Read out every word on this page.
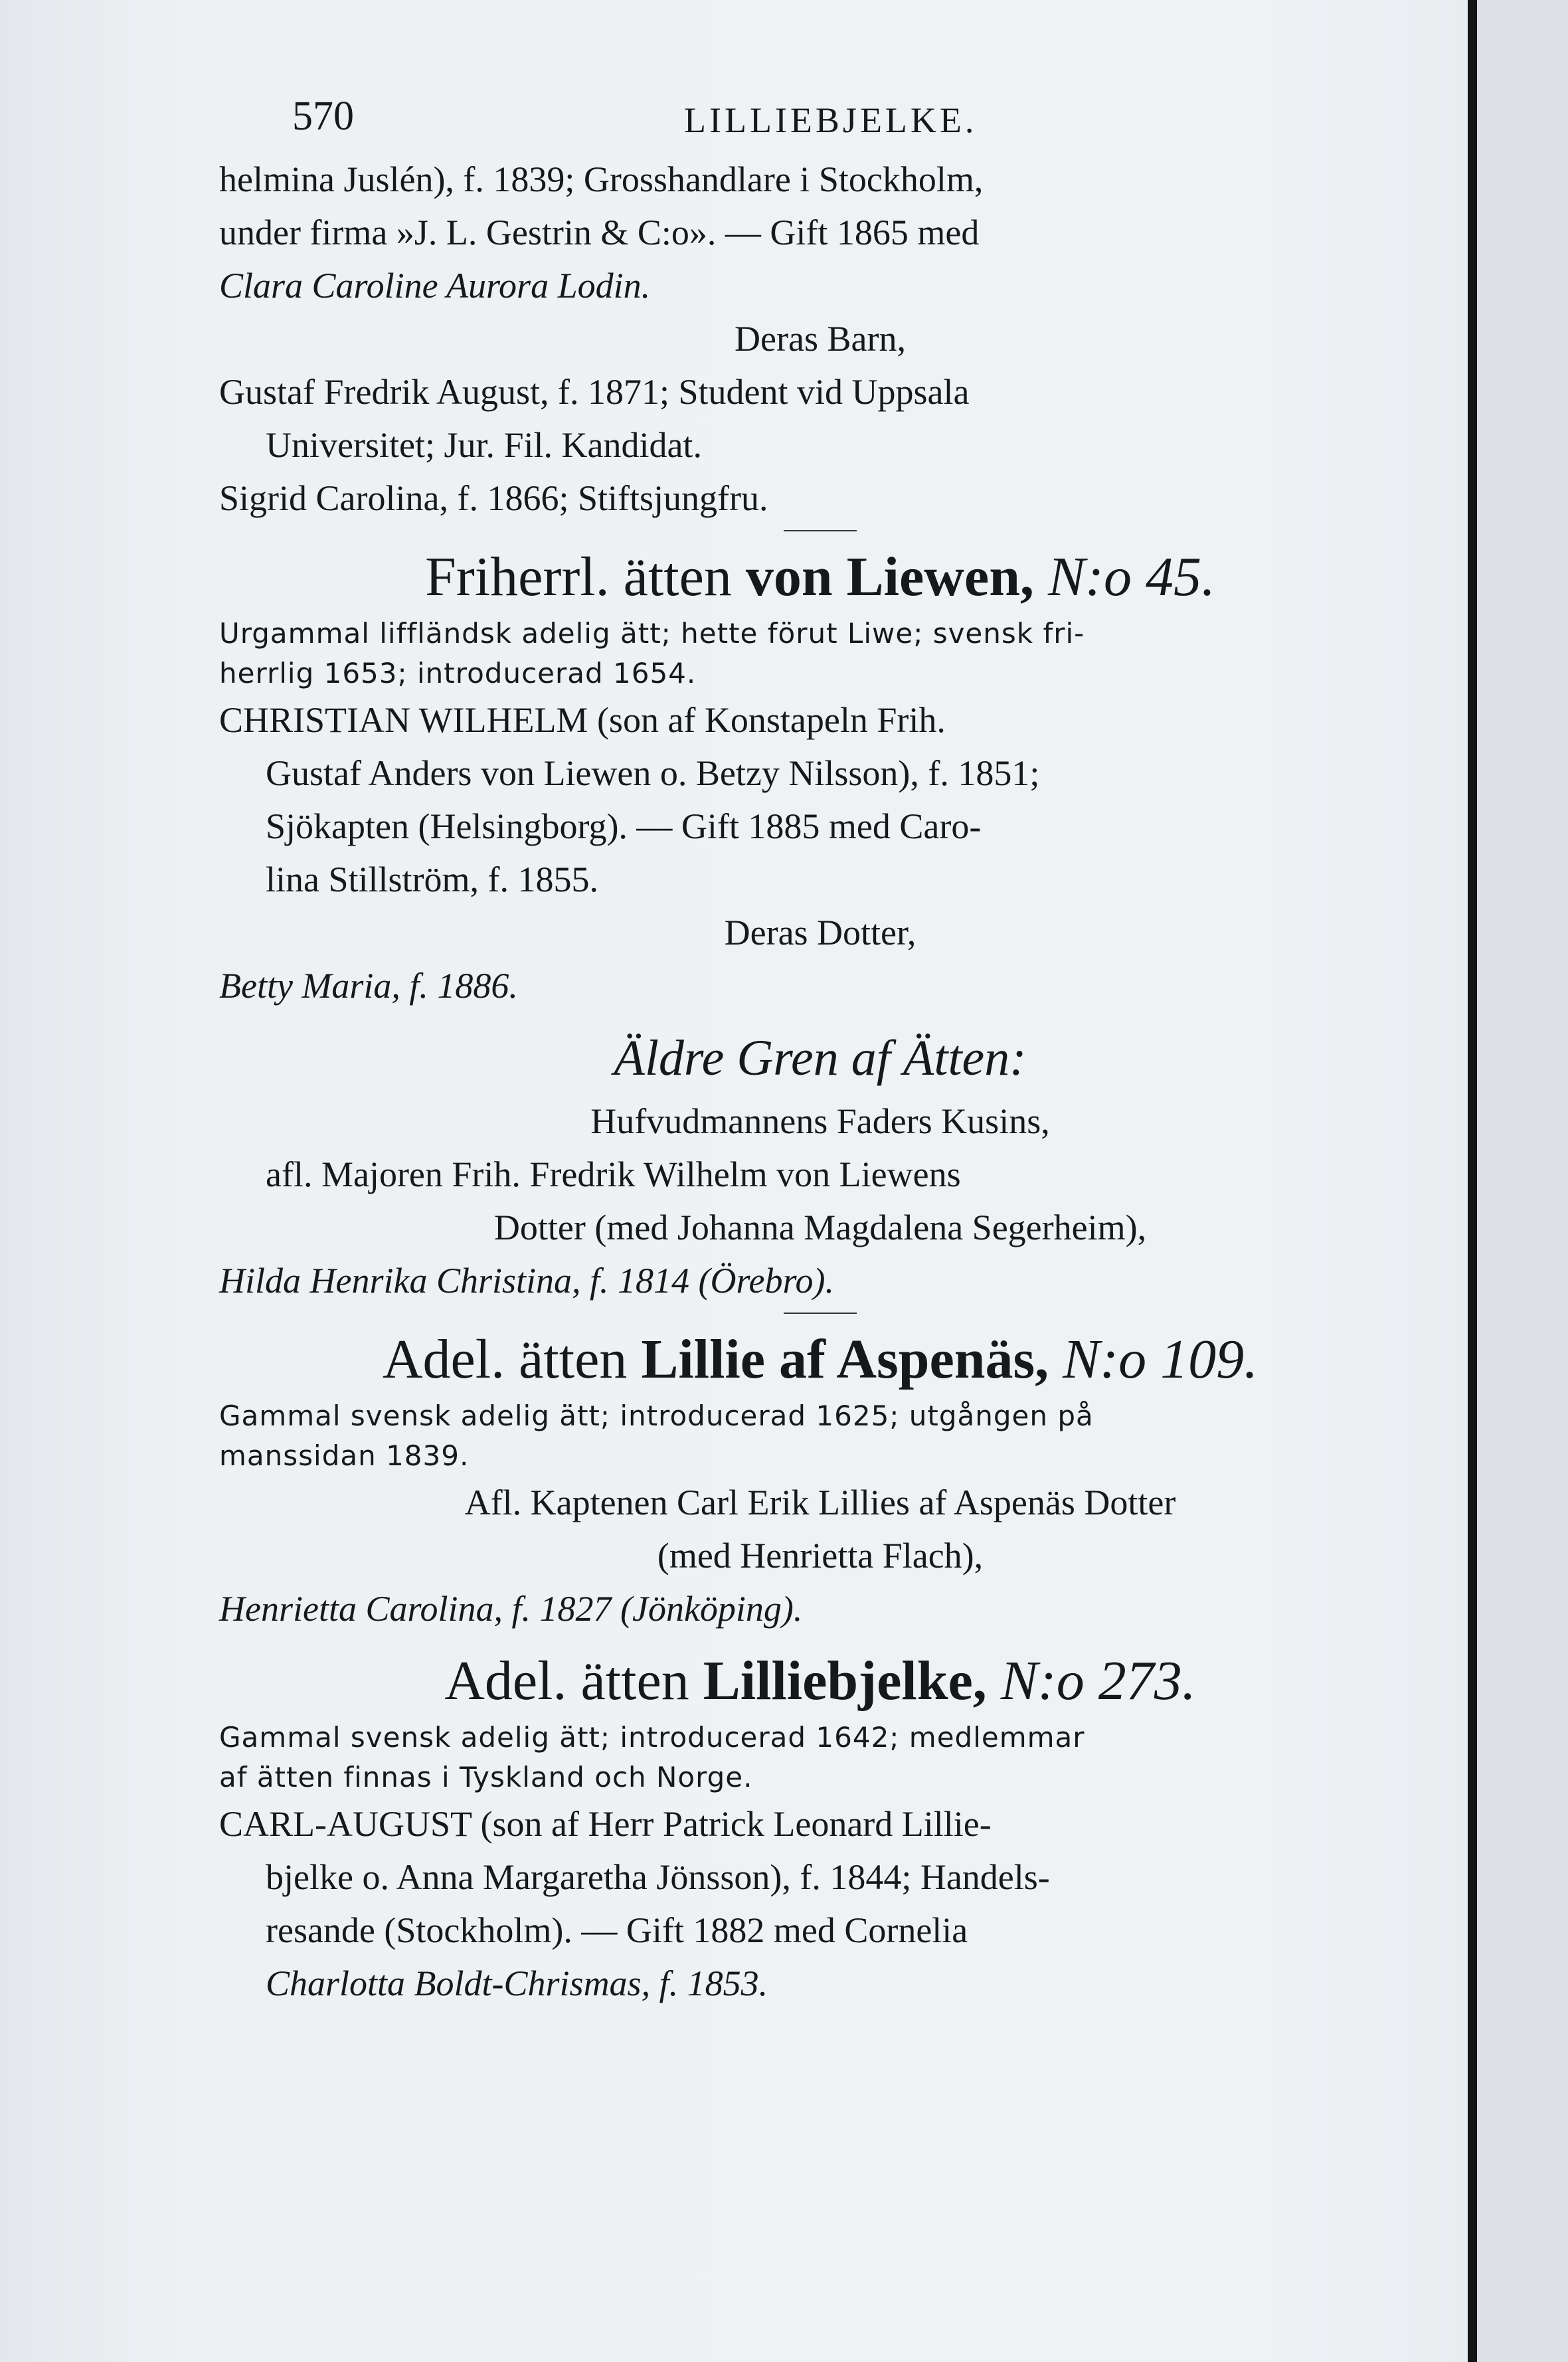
570	LILLIEBJELKE.
helmina Juslén), f. 1839; Grosshandlare i Stockholm,
under firma »J. L. Gestrin & C:o». — Gift 1865 med
Clara Caroline Aurora Lodin.
Deras Barn,
Gustaf Fredrik August, f. 1871; Student vid Uppsala
Universitet; Jur. Fil. Kandidat.
Sigrid Carolina, f. 1866; Stiftsjungfru.
Friherrl. ätten von Liewen, N:o 45.
Urgammal liffländsk adelig ätt; hette förut Liwe; svensk fri-
herrlig 1653; introducerad 1654.
CHRISTIAN WILHELM (son af Konstapeln Frih.
Gustaf Anders von Liewen o. Betzy Nilsson), f. 1851;
Sjökapten (Helsingborg). — Gift 1885 med Caro-
lina Stillström, f. 1855.
Deras Dotter,
Betty Maria, f. 1886.
Äldre Gren af Ätten:
Hufvudmannens Faders Kusins,
afl. Majoren Frih. Fredrik Wilhelm von Liewens
Dotter (med Johanna Magdalena Segerheim),
Hilda Henrika Christina, f. 1814 (Örebro).
Adel. ätten Lillie af Aspenäs, N:o 109.
Gammal svensk adelig ätt; introducerad 1625; utgången på
manssidan 1839.
Afl. Kaptenen Carl Erik Lillies af Aspenäs Dotter
(med Henrietta Flach),
Henrietta Carolina, f. 1827 (Jönköping).
Adel. ätten Lilliebjelke, N:o 273.
Gammal svensk adelig ätt; introducerad 1642; medlemmar
af ätten finnas i Tyskland och Norge.
CARL-AUGUST (son af Herr Patrick Leonard Lillie-
bjelke o. Anna Margaretha Jönsson), f. 1844; Handels-
resande (Stockholm). — Gift 1882 med Cornelia
Charlotta Boldt-Chrismas, f. 1853.
